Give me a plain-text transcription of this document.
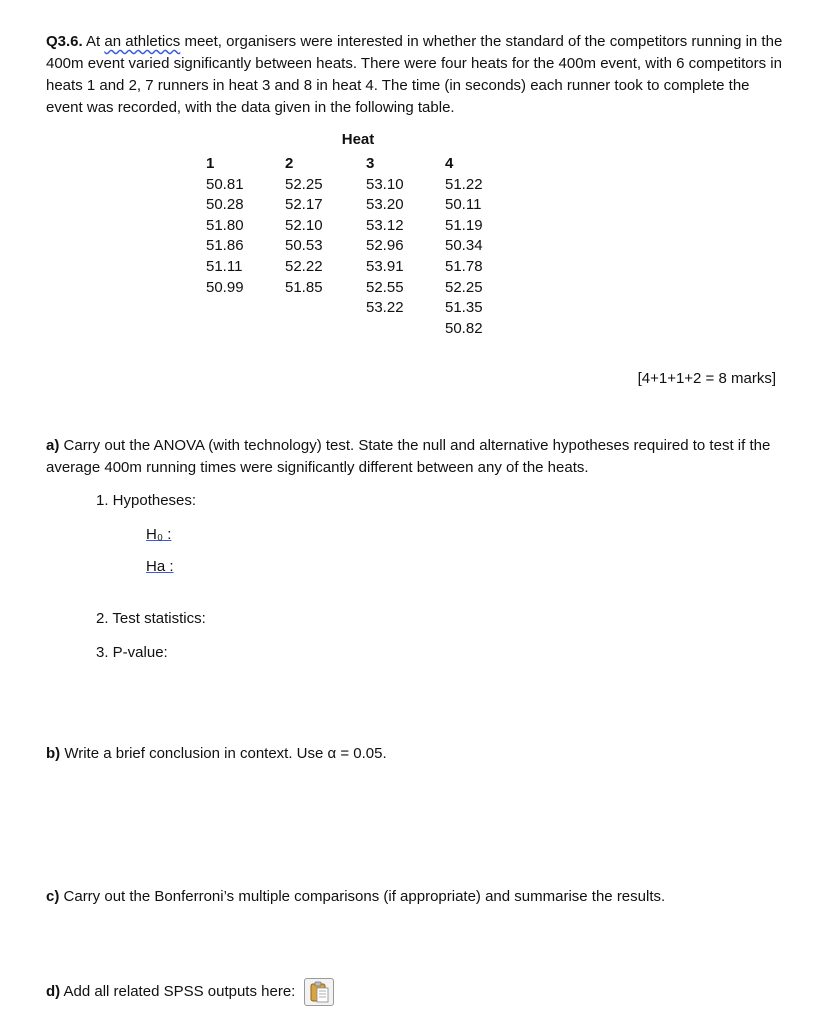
Q3.6. At an athletics meet, organisers were interested in whether the standard of the competitors running in the 400m event varied significantly between heats. There were four heats for the 400m event, with 6 competitors in heats 1 and 2, 7 runners in heat 3 and 8 in heat 4. The time (in seconds) each runner took to complete the event was recorded, with the data given in the following table.
Heat
1
50.81
50.28
51.80
51.86
51.11
50.99
2
52.25
52.17
52.10
50.53
52.22
51.85
3
53.10
53.20
53.12
52.96
53.91
52.55
53.22
4
51.22
50.11
51.19
50.34
51.78
52.25
51.35
50.82
[4+1+1+2 = 8 marks]
a) Carry out the ANOVA (with technology) test. State the null and alternative hypotheses required to test if the average 400m running times were significantly different between any of the heats.
1. Hypotheses:
H₀ :
Ha :
2. Test statistics:
3. P-value:
b) Write a brief conclusion in context. Use α = 0.05.
c) Carry out the Bonferroni’s multiple comparisons (if appropriate) and summarise the results.
d) Add all related SPSS outputs here:
